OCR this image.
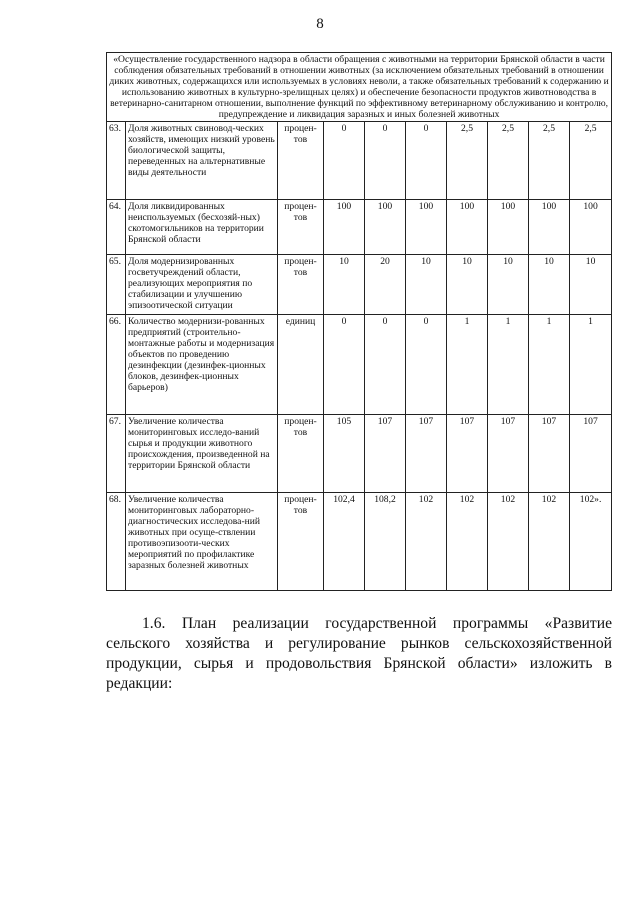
8
«Осуществление государственного надзора в области обращения с животными на территории Брянской области в части соблюдения обязательных требований в отношении животных (за исключением обязательных требований в отношении диких животных, содержащихся или используемых в условиях неволи, а также обязательных требований к содержанию и использованию животных в культурно-зрелищных целях) и обеспечение безопасности продуктов животноводства в ветеринарно-санитарном отношении, выполнение функций по эффективному ветеринарному обслуживанию и контролю, предупреждение и ликвидация заразных и иных болезней животных									
63.	Доля животных свиновод-ческих хозяйств, имеющих низкий уровень биологической защиты, переведенных на альтернативные виды деятельности	процен-тов	0	0	0	2,5	2,5	2,5	2,5
64.	Доля ликвидированных неиспользуемых (бесхозяй-ных) скотомогильников на территории Брянской области	процен-тов	100	100	100	100	100	100	100
65.	Доля модернизированных госветучреждений области, реализующих мероприятия по стабилизации и улучшению эпизоотической ситуации	процен-тов	10	20	10	10	10	10	10
66.	Количество модернизи-рованных предприятий (строительно-монтажные работы и модернизация объектов по проведению дезинфекции (дезинфек-ционных блоков, дезинфек-ционных барьеров)	единиц	0	0	0	1	1	1	1
67.	Увеличение количества мониторинговых исследо-ваний сырья и продукции животного происхождения, произведенной на территории Брянской области	процен-тов	105	107	107	107	107	107	107
68.	Увеличение количества мониторинговых лабораторно-диагностических исследова-ний животных при осуще-ствлении противоэпизооти-ческих мероприятий по профилактике заразных болезней животных	процен-тов	102,4	108,2	102	102	102	102	102».
1.6. План реализации государственной программы «Развитие сельского хозяйства и регулирование рынков сельскохозяйственной продукции, сырья и продовольствия Брянской области» изложить в редакции:
